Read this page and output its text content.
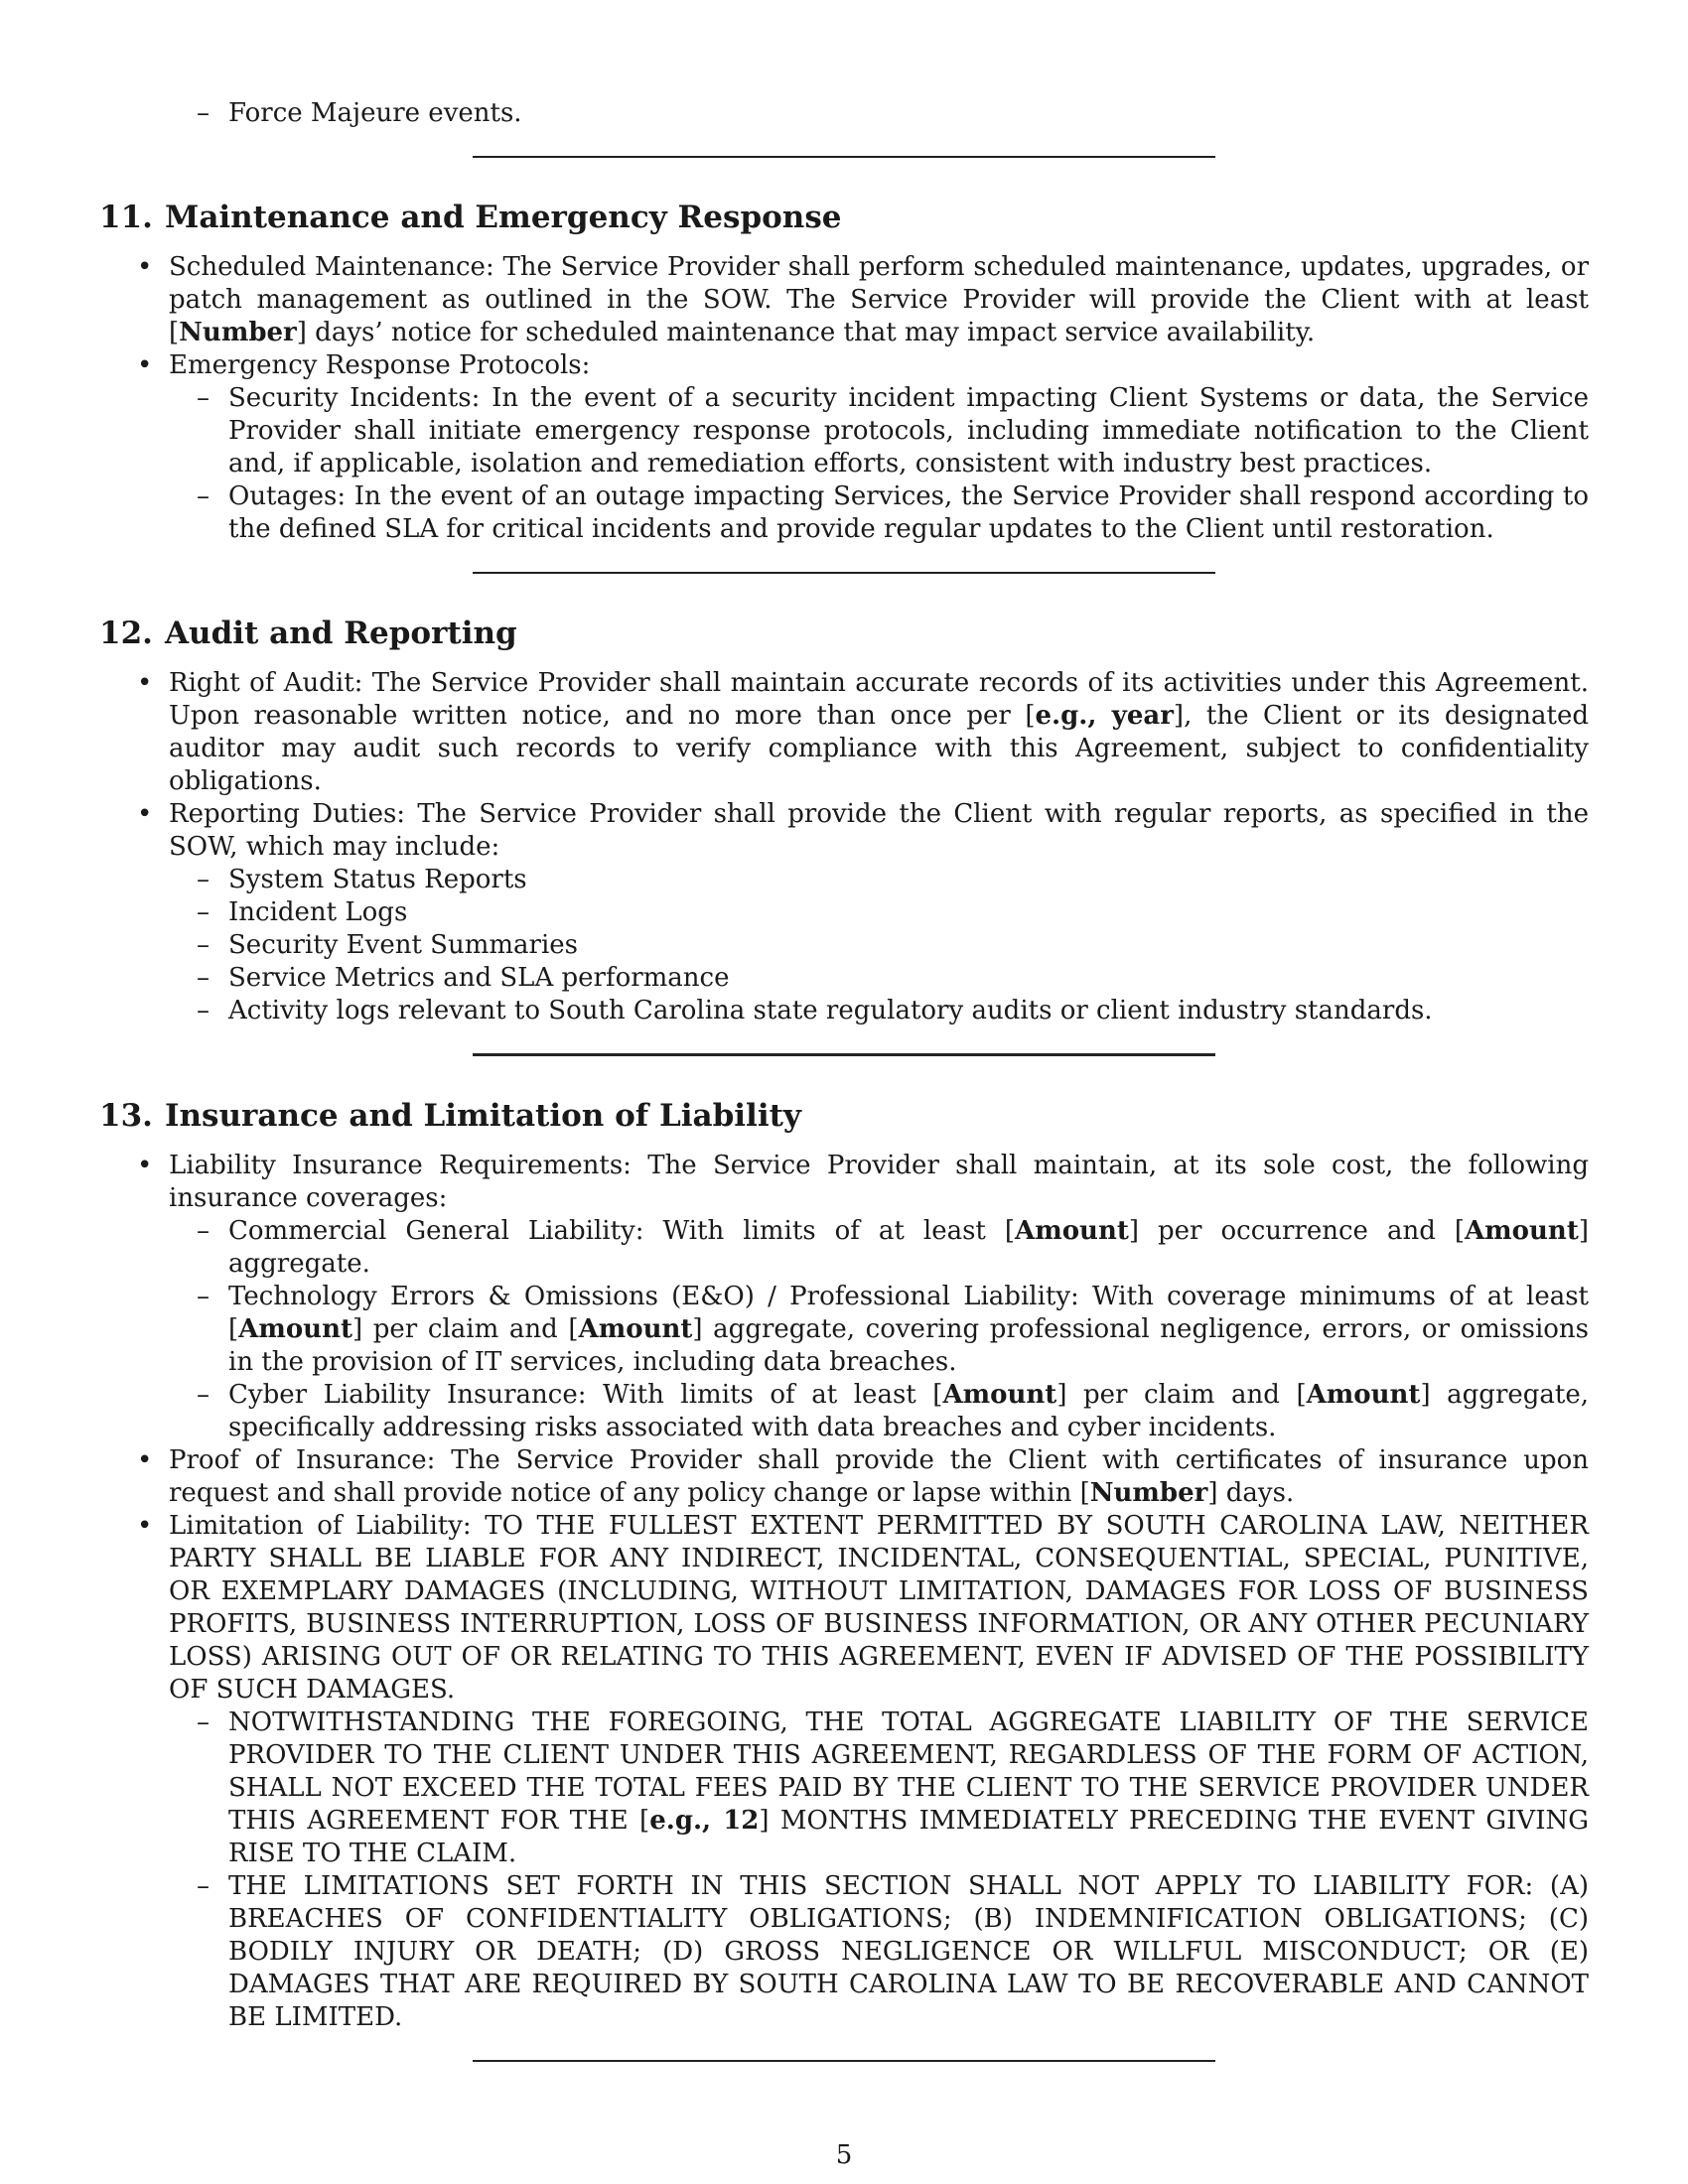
– Force Majeure events.
11. Maintenance and Emergency Response
• Scheduled Maintenance: The Service Provider shall perform scheduled maintenance, updates, upgrades, or patch management as outlined in the SOW. The Service Provider will provide the Client with at least [Number] days’ notice for scheduled maintenance that may impact service availability.
• Emergency Response Protocols:
– Security Incidents: In the event of a security incident impacting Client Systems or data, the Service Provider shall initiate emergency response protocols, including immediate notification to the Client and, if applicable, isolation and remediation efforts, consistent with industry best practices.
– Outages: In the event of an outage impacting Services, the Service Provider shall respond according to the defined SLA for critical incidents and provide regular updates to the Client until restoration.
12. Audit and Reporting
• Right of Audit: The Service Provider shall maintain accurate records of its activities under this Agreement. Upon reasonable written notice, and no more than once per [e.g., year], the Client or its designated auditor may audit such records to verify compliance with this Agreement, subject to confidentiality obligations.
• Reporting Duties: The Service Provider shall provide the Client with regular reports, as specified in the SOW, which may include:
– System Status Reports
– Incident Logs
– Security Event Summaries
– Service Metrics and SLA performance
– Activity logs relevant to South Carolina state regulatory audits or client industry standards.
13. Insurance and Limitation of Liability
• Liability Insurance Requirements: The Service Provider shall maintain, at its sole cost, the following insurance coverages:
– Commercial General Liability: With limits of at least [Amount] per occurrence and [Amount] aggregate.
– Technology Errors & Omissions (E&O) / Professional Liability: With coverage minimums of at least [Amount] per claim and [Amount] aggregate, covering professional negligence, errors, or omissions in the provision of IT services, including data breaches.
– Cyber Liability Insurance: With limits of at least [Amount] per claim and [Amount] aggregate, specifically addressing risks associated with data breaches and cyber incidents.
• Proof of Insurance: The Service Provider shall provide the Client with certificates of insurance upon request and shall provide notice of any policy change or lapse within [Number] days.
• Limitation of Liability: TO THE FULLEST EXTENT PERMITTED BY SOUTH CAROLINA LAW, NEITHER PARTY SHALL BE LIABLE FOR ANY INDIRECT, INCIDENTAL, CONSEQUENTIAL, SPECIAL, PUNITIVE, OR EXEMPLARY DAMAGES (INCLUDING, WITHOUT LIMITATION, DAMAGES FOR LOSS OF BUSINESS PROFITS, BUSINESS INTERRUPTION, LOSS OF BUSINESS INFORMATION, OR ANY OTHER PECUNIARY LOSS) ARISING OUT OF OR RELATING TO THIS AGREEMENT, EVEN IF ADVISED OF THE POSSIBILITY OF SUCH DAMAGES.
– NOTWITHSTANDING THE FOREGOING, THE TOTAL AGGREGATE LIABILITY OF THE SERVICE PROVIDER TO THE CLIENT UNDER THIS AGREEMENT, REGARDLESS OF THE FORM OF ACTION, SHALL NOT EXCEED THE TOTAL FEES PAID BY THE CLIENT TO THE SERVICE PROVIDER UNDER THIS AGREEMENT FOR THE [e.g., 12] MONTHS IMMEDIATELY PRECEDING THE EVENT GIVING RISE TO THE CLAIM.
– THE LIMITATIONS SET FORTH IN THIS SECTION SHALL NOT APPLY TO LIABILITY FOR: (A) BREACHES OF CONFIDENTIALITY OBLIGATIONS; (B) INDEMNIFICATION OBLIGATIONS; (C) BODILY INJURY OR DEATH; (D) GROSS NEGLIGENCE OR WILLFUL MISCONDUCT; OR (E) DAMAGES THAT ARE REQUIRED BY SOUTH CAROLINA LAW TO BE RECOVERABLE AND CANNOT BE LIMITED.
5
